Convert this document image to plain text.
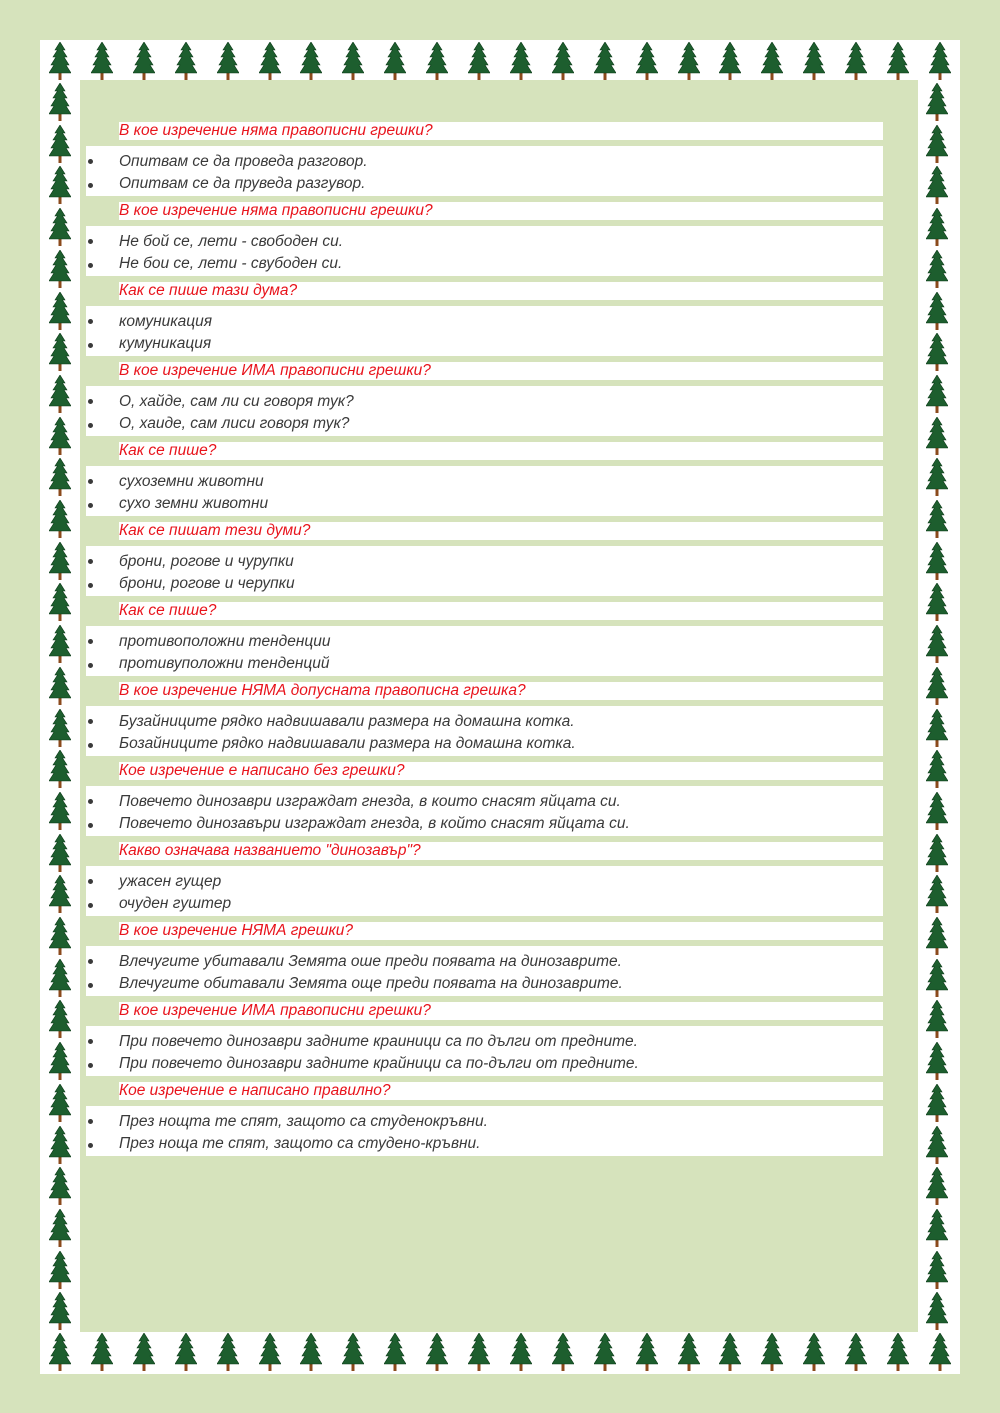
В кое изречение няма правописни грешки?
Опитвам се да проведа разговор.
Опитвам се да пруведа разгувор.
В кое изречение няма правописни грешки?
Не бой се, лети - свободен си.
Не бои се, лети - свубоден си.
Как се пише тази дума?
комуникация
кумуникация
В кое изречение ИМА правописни грешки?
О, хайде, сам ли си говоря тук?
О, хаиде, сам лиси говоря тук?
Как се пише?
сухоземни животни
сухо земни животни
Как се пишат тези думи?
брони, рогове и чурупки
брони, рогове и черупки
Как се пише?
противоположни тенденции
противуположни тенденций
В кое изречение НЯМА допусната правописна грешка?
Бузайниците рядко надвишавали размера на домашна котка.
Бозайниците рядко надвишавали размера на домашна котка.
Кое изречение е написано без грешки?
Повечето динозаври изграждат гнезда, в които снасят яйцата си.
Повечето динозавъри изграждат гнезда, в който снасят яйцата си.
Какво означава названието "динозавър"?
ужасен гущер
очуден гуштер
В кое изречение НЯМА грешки?
Влечугите убитавали Земята оше преди появата на динозаврите.
Влечугите обитавали Земята още преди появата на динозаврите.
В кое изречение ИМА правописни грешки?
При повечето динозаври задните краиници са по дълги от предните.
При повечето динозаври задните крайници са по-дълги от предните.
Кое изречение е написано правилно?
През нощта те спят, защото са студенокръвни.
През ноща те спят, защото са студено-кръвни.
